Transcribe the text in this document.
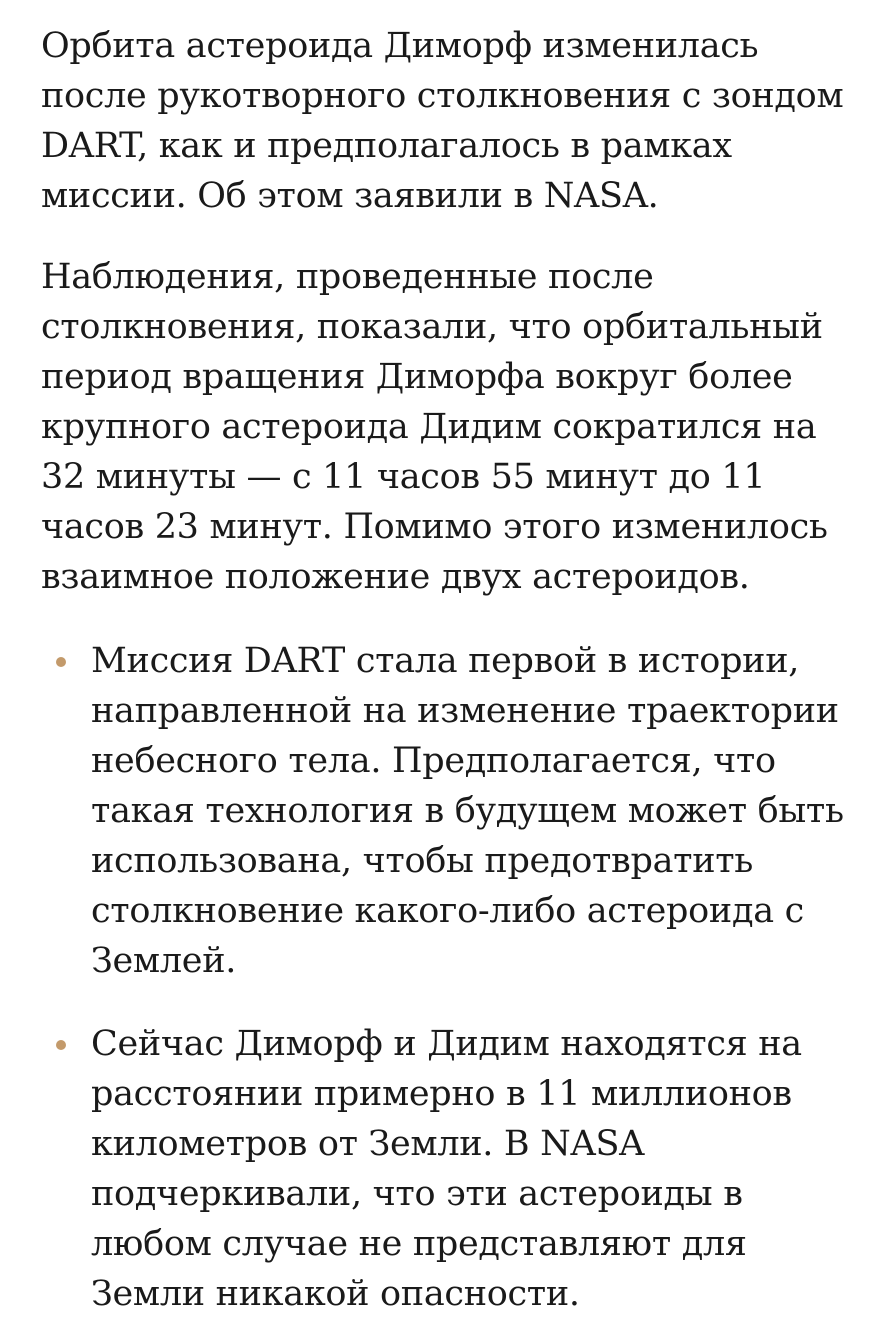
Орбита астероида Диморф изменилась после рукотворного столкновения с зондом DART, как и предполагалось в рамках миссии. Об этом заявили в NASA.

Наблюдения, проведенные после столкновения, показали, что орбитальный период вращения Диморфа вокруг более крупного астероида Дидим сократился на 32 минуты — с 11 часов 55 минут до 11 часов 23 минут. Помимо этого изменилось взаимное положение двух астероидов.

Миссия DART стала первой в истории, направленной на изменение траектории небесного тела. Предполагается, что такая технология в будущем может быть использована, чтобы предотвратить столкновение какого-либо астероида с Землей.
Сейчас Диморф и Дидим находятся на расстоянии примерно в 11 миллионов километров от Земли. В NASA подчеркивали, что эти астероиды в любом случае не представляют для Земли никакой опасности.
